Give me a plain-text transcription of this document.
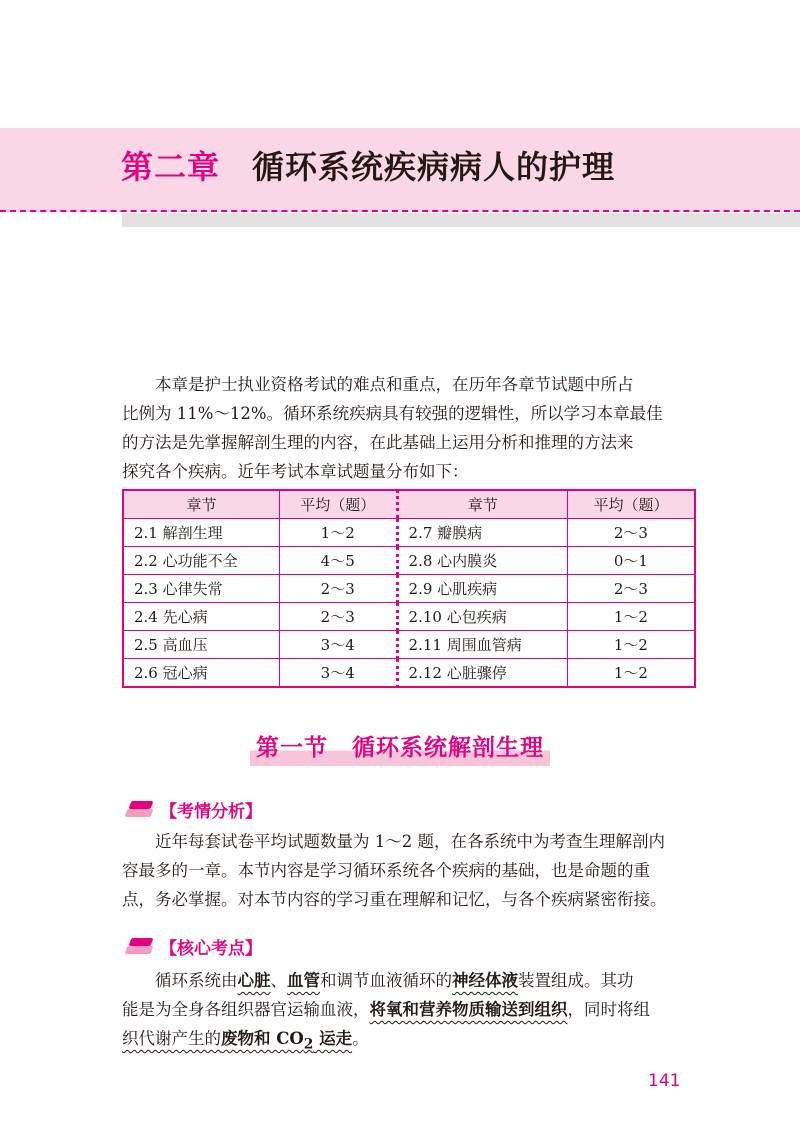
第二章 循环系统疾病病人的护理

本章是护士执业资格考试的难点和重点，在历年各章节试题中所占

比例为 11%～12%。循环系统疾病具有较强的逻辑性，所以学习本章最佳

的方法是先掌握解剖生理的内容，在此基础上运用分析和推理的方法来

探究各个疾病。近年考试本章试题量分布如下：

章节	平均（题）	章节	平均（题）
2.1 解剖生理	1～2	2.7 瓣膜病	2～3
2.2 心功能不全	4～5	2.8 心内膜炎	0～1
2.3 心律失常	2～3	2.9 心肌疾病	2～3
2.4 先心病	2～3	2.10 心包疾病	1～2
2.5 高血压	3～4	2.11 周围血管病	1～2
2.6 冠心病	3～4	2.12 心脏骤停	1～2
第一节　循环系统解剖生理
【考情分析】

近年每套试卷平均试题数量为 1～2 题，在各系统中为考查生理解剖内

容最多的一章。本节内容是学习循环系统各个疾病的基础，也是命题的重

点，务必掌握。对本节内容的学习重在理解和记忆，与各个疾病紧密衔接。

【核心考点】

循环系统由心脏、血管和调节血液循环的神经体液装置组成。其功

能是为全身各组织器官运输血液，将氧和营养物质输送到组织，同时将组

织代谢产生的废物和 $CO_2$ 运走。

141
